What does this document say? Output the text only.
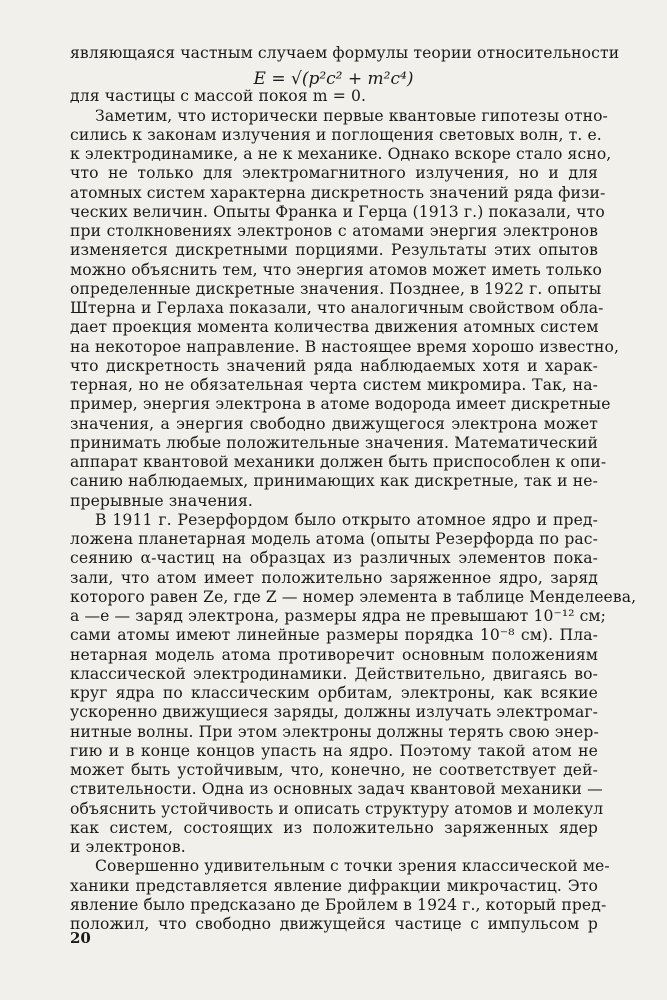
являющаяся частным случаем формулы теории относительности
E = √(p²c² + m²c⁴)
для частицы с массой покоя m = 0.
Заметим, что исторически первые квантовые гипотезы отно-
сились к законам излучения и поглощения световых волн, т. е.
к электродинамике, а не к механике. Однако вскоре стало ясно,
что не только для электромагнитного излучения, но и для
атомных систем характерна дискретность значений ряда физи-
ческих величин. Опыты Франка и Герца (1913 г.) показали, что
при столкновениях электронов с атомами энергия электронов
изменяется дискретными порциями. Результаты этих опытов
можно объяснить тем, что энергия атомов может иметь только
определенные дискретные значения. Позднее, в 1922 г. опыты
Штерна и Герлаха показали, что аналогичным свойством обла-
дает проекция момента количества движения атомных систем
на некоторое направление. В настоящее время хорошо известно,
что дискретность значений ряда наблюдаемых хотя и харак-
терная, но не обязательная черта систем микромира. Так, на-
пример, энергия электрона в атоме водорода имеет дискретные
значения, а энергия свободно движущегося электрона может
принимать любые положительные значения. Математический
аппарат квантовой механики должен быть приспособлен к опи-
санию наблюдаемых, принимающих как дискретные, так и не-
прерывные значения.
В 1911 г. Резерфордом было открыто атомное ядро и пред-
ложена планетарная модель атома (опыты Резерфорда по рас-
сеянию α-частиц на образцах из различных элементов пока-
зали, что атом имеет положительно заряженное ядро, заряд
которого равен Ze, где Z — номер элемента в таблице Менделеева,
а —e — заряд электрона, размеры ядра не превышают 10⁻¹² см;
сами атомы имеют линейные размеры порядка 10⁻⁸ см). Пла-
нетарная модель атома противоречит основным положениям
классической электродинамики. Действительно, двигаясь во-
круг ядра по классическим орбитам, электроны, как всякие
ускоренно движущиеся заряды, должны излучать электромаг-
нитные волны. При этом электроны должны терять свою энер-
гию и в конце концов упасть на ядро. Поэтому такой атом не
может быть устойчивым, что, конечно, не соответствует дей-
ствительности. Одна из основных задач квантовой механики —
объяснить устойчивость и описать структуру атомов и молекул
как систем, состоящих из положительно заряженных ядер
и электронов.
Совершенно удивительным с точки зрения классической ме-
ханики представляется явление дифракции микрочастиц. Это
явление было предсказано де Бройлем в 1924 г., который пред-
положил, что свободно движущейся частице с импульсом p
20
